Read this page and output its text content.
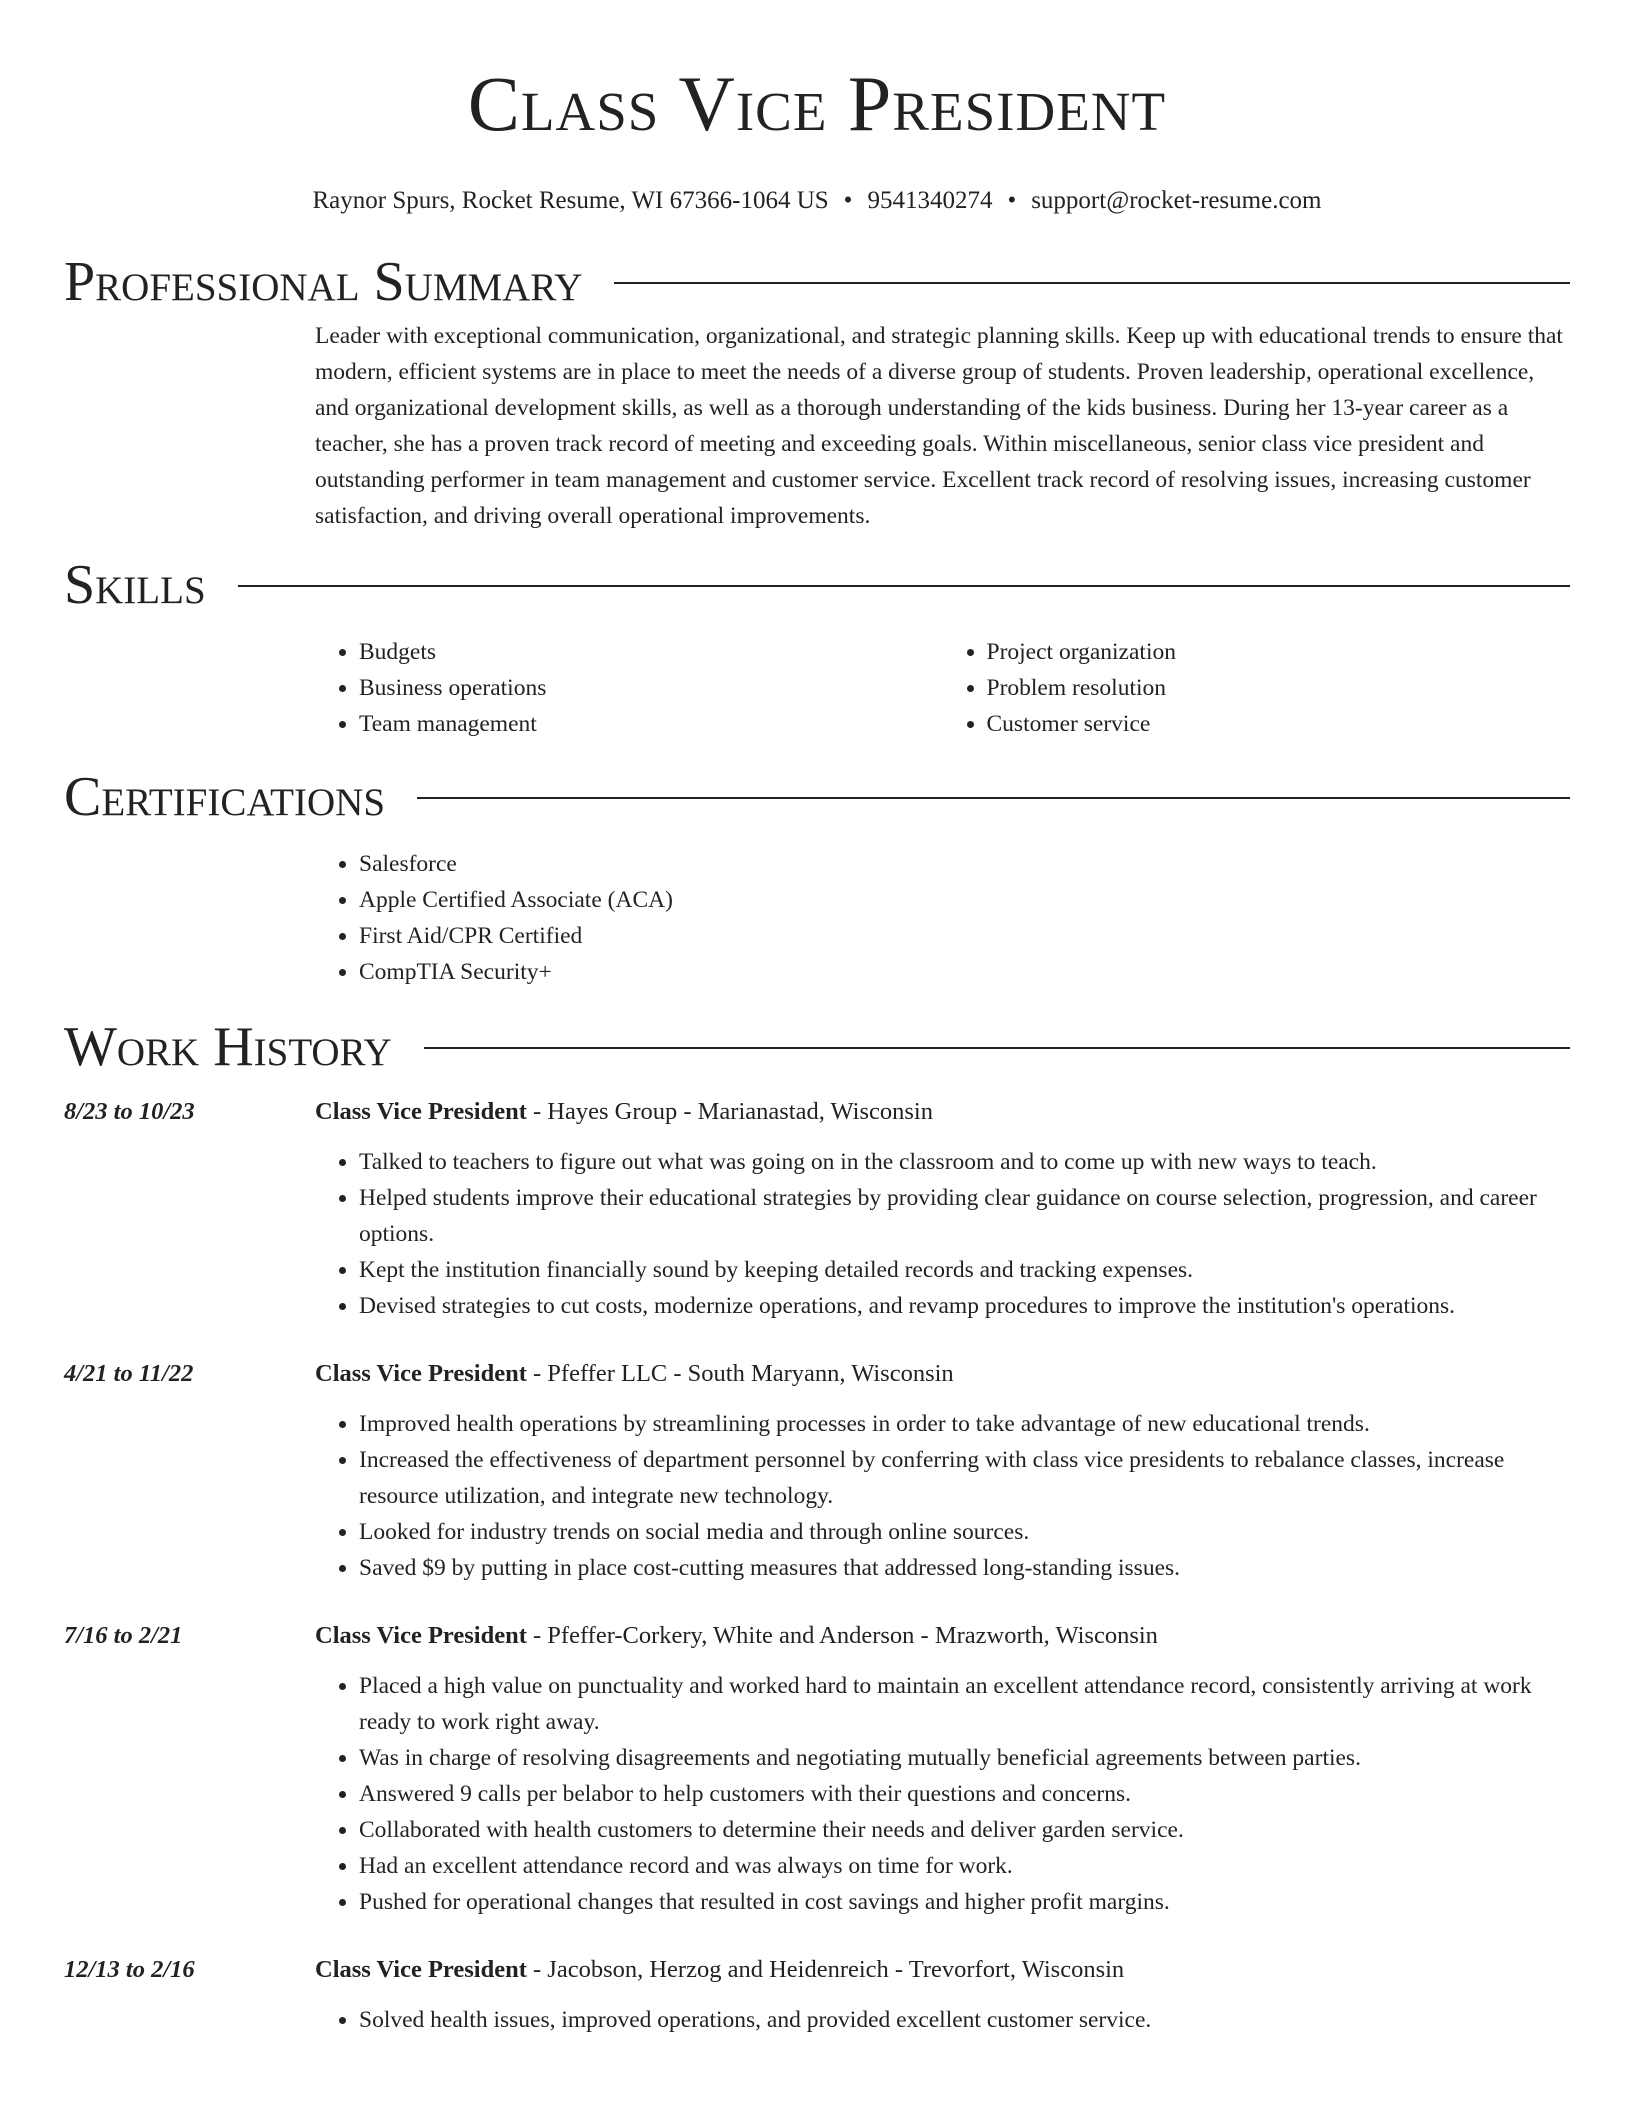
Class Vice President
Raynor Spurs, Rocket Resume, WI 67366-1064 US • 9541340274 • support@rocket-resume.com
Professional Summary

Leader with exceptional communication, organizational, and strategic planning skills. Keep up with educational trends to ensure that modern, efficient systems are in place to meet the needs of a diverse group of students. Proven leadership, operational excellence, and organizational development skills, as well as a thorough understanding of the kids business. During her 13-year career as a teacher, she has a proven track record of meeting and exceeding goals. Within miscellaneous, senior class vice president and outstanding performer in team management and customer service. Excellent track record of resolving issues, increasing customer satisfaction, and driving overall operational improvements.

Skills
• Budgets
• Business operations
• Team management
• Project organization
• Problem resolution
• Customer service
Certifications
• Salesforce
• Apple Certified Associate (ACA)
• First Aid/CPR Certified
• CompTIA Security+
Work History
8/23 to 10/23	Class Vice President - Hayes Group - Marianastad, Wisconsin
• Talked to teachers to figure out what was going on in the classroom and to come up with new ways to teach.
• Helped students improve their educational strategies by providing clear guidance on course selection, progression, and career options.
• Kept the institution financially sound by keeping detailed records and tracking expenses.
• Devised strategies to cut costs, modernize operations, and revamp procedures to improve the institution's operations.
4/21 to 11/22	Class Vice President - Pfeffer LLC - South Maryann, Wisconsin
• Improved health operations by streamlining processes in order to take advantage of new educational trends.
• Increased the effectiveness of department personnel by conferring with class vice presidents to rebalance classes, increase resource utilization, and integrate new technology.
• Looked for industry trends on social media and through online sources.
• Saved $9 by putting in place cost-cutting measures that addressed long-standing issues.
7/16 to 2/21	Class Vice President - Pfeffer-Corkery, White and Anderson - Mrazworth, Wisconsin
• Placed a high value on punctuality and worked hard to maintain an excellent attendance record, consistently arriving at work ready to work right away.
• Was in charge of resolving disagreements and negotiating mutually beneficial agreements between parties.
• Answered 9 calls per belabor to help customers with their questions and concerns.
• Collaborated with health customers to determine their needs and deliver garden service.
• Had an excellent attendance record and was always on time for work.
• Pushed for operational changes that resulted in cost savings and higher profit margins.
12/13 to 2/16	Class Vice President - Jacobson, Herzog and Heidenreich - Trevorfort, Wisconsin
• Solved health issues, improved operations, and provided excellent customer service.
